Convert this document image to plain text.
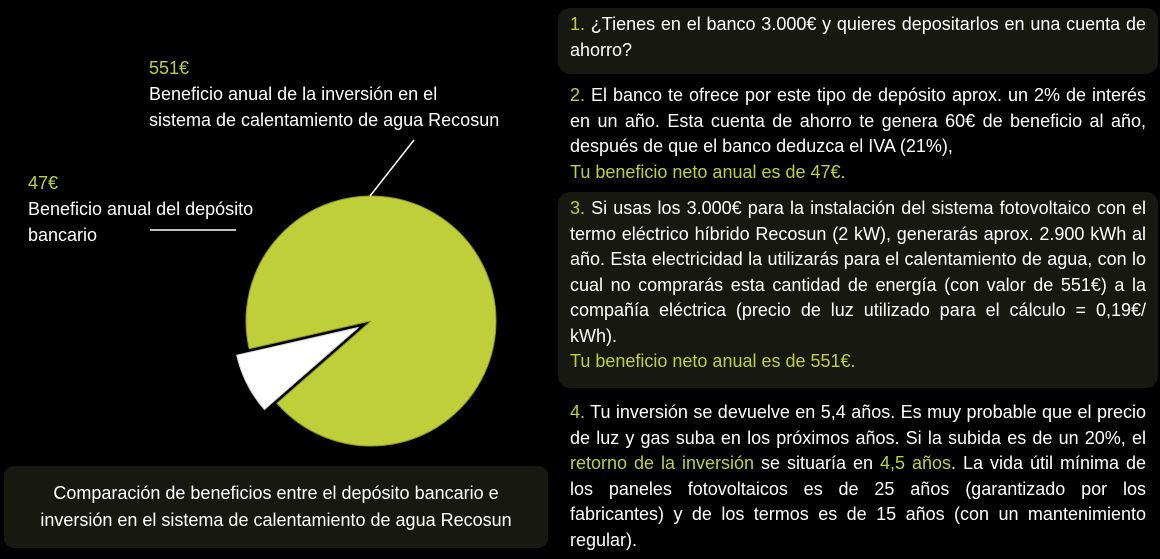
551€
Beneficio anual de la inversión en el
sistema de calentamiento de agua Recosun
47€
Beneficio anual del depósito
bancario
Comparación de beneficios entre el depósito bancario e
inversión en el sistema de calentamiento de agua Recosun
1. ¿Tienes en el banco 3.000€ y quieres depositarlos en una cuenta de ahorro?
2. El banco te ofrece por este tipo de depósito aprox. un 2% de interés en un año. Esta cuenta de ahorro te genera 60€ de beneficio al año, después de que el banco deduzca el IVA (21%),
Tu beneficio neto anual es de 47€.
3. Si usas los 3.000€ para la instalación del sistema fotovoltaico con el termo eléctrico híbrido Recosun (2 kW), generarás aprox. 2.900 kWh al año. Esta electricidad la utilizarás para el calentamiento de agua, con lo cual no comprarás esta cantidad de energía (con valor de 551€) a la compañía eléctrica (precio de luz utilizado para el cálculo = 0,19€/ kWh).
Tu beneficio neto anual es de 551€.
4. Tu inversión se devuelve en 5,4 años. Es muy probable que el precio de luz y gas suba en los próximos años. Si la subida es de un 20%, el retorno de la inversión se situaría en 4,5 años. La vida útil mínima de los paneles fotovoltaicos es de 25 años (garantizado por los fabricantes) y de los termos es de 15 años (con un mantenimiento regular).
